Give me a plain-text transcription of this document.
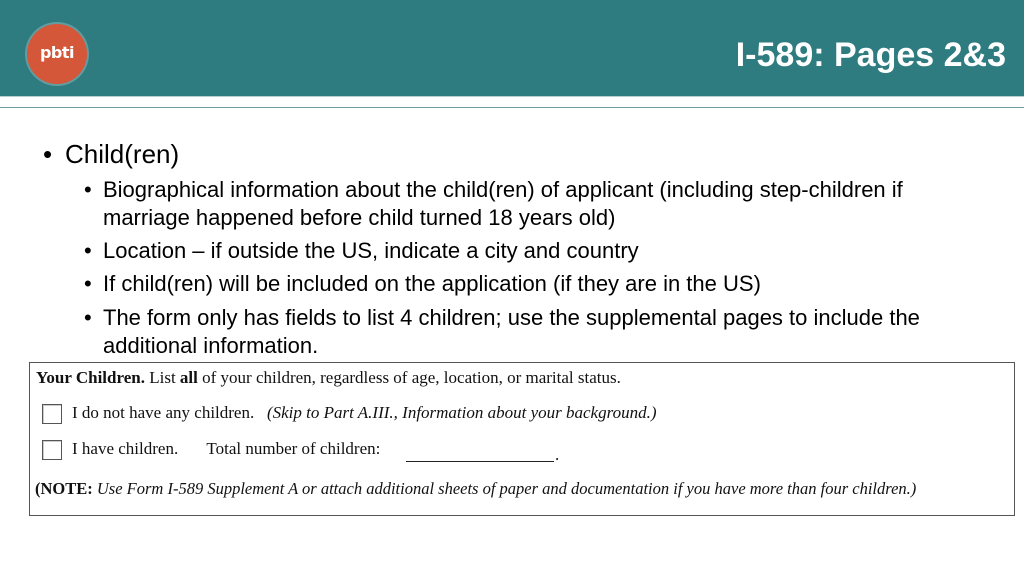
pbti	I-589: Pages 2&3
• Child(ren)
• Biographical information about the child(ren) of applicant (including step-children if marriage happened before child turned 18 years old)
• Location – if outside the US, indicate a city and country
• If child(ren) will be included on the application (if they are in the US)
• The form only has fields to list 4 children; use the supplemental pages to include the additional information.
Your Children. List all of your children, regardless of age, location, or marital status.
I do not have any children. (Skip to Part A.III., Information about your background.)
I have children. Total number of children:	.
(NOTE: Use Form I-589 Supplement A or attach additional sheets of paper and documentation if you have more than four children.)
